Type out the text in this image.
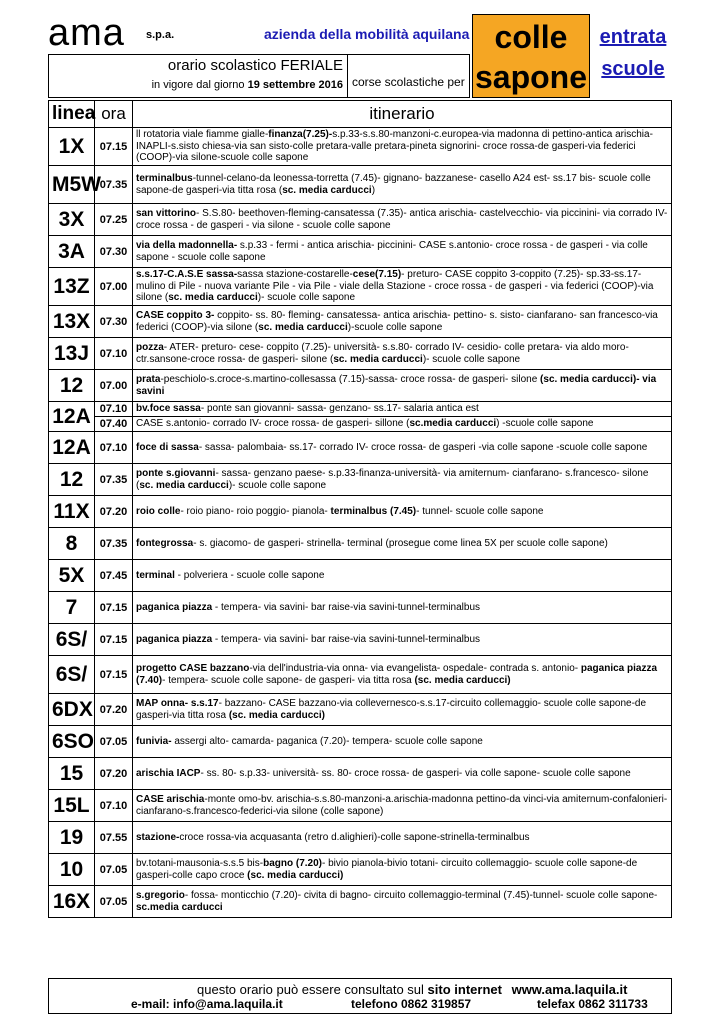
ama s.p.a.	azienda della mobilità aquilana
orario scolastico FERIALE
in vigore dal giorno 19 settembre 2016 corse scolastiche per
colle
sapone
entrata
scuole
linea	ora	itinerario
1X	07.15	ll rotatoria viale fiamme gialle-finanza(7.25)-s.p.33-s.s.80-manzoni-c.europea-via madonna di pettino-antica arischia-INAPLI-s.sisto chiesa-via san sisto-colle pretara-valle pretara-pineta signorini- croce rossa-de gasperi-via federici (COOP)-via silone-scuole colle sapone
M5W	07.35	terminalbus-tunnel-celano-da leonessa-torretta (7.45)- gignano- bazzanese- casello A24 est- ss.17 bis- scuole colle sapone-de gasperi-via titta rosa (sc. media carducci)
3X	07.25	san vittorino- S.S.80- beethoven-fleming-cansatessa (7.35)- antica arischia- castelvecchio- via piccinini- via corrado IV- croce rossa - de gasperi - via silone - scuole colle sapone
3A	07.30	via della madonnella- s.p.33 - fermi - antica arischia- piccinini- CASE s.antonio- croce rossa - de gasperi - via colle sapone - scuole colle sapone
13Z	07.00	s.s.17-C.A.S.E sassa-sassa stazione-costarelle-cese(7.15)- preturo- CASE coppito 3-coppito (7.25)- sp.33-ss.17-mulino di Pile - nuova variante Pile - via Pile - viale della Stazione - croce rossa - de gasperi - via federici (COOP)-via silone (sc. media carducci)- scuole colle sapone
13X	07.30	CASE coppito 3- coppito- ss. 80- fleming- cansatessa- antica arischia- pettino- s. sisto- cianfarano- san francesco-via federici (COOP)-via silone (sc. media carducci)-scuole colle sapone
13J	07.10	pozza- ATER- preturo- cese- coppito (7.25)- università- s.s.80- corrado IV- cesidio- colle pretara- via aldo moro-ctr.sansone-croce rossa- de gasperi- silone (sc. media carducci)- scuole colle sapone
12	07.00	prata-peschiolo-s.croce-s.martino-collesassa (7.15)-sassa- croce rossa- de gasperi- silone (sc. media carducci)- via savini
12A	07.10	bv.foce sassa- ponte san giovanni- sassa- genzano- ss.17- salaria antica est
	07.40	CASE s.antonio- corrado IV- croce rossa- de gasperi- sillone (sc.media carducci) -scuole colle sapone
12A	07.10	foce di sassa- sassa- palombaia- ss.17- corrado IV- croce rossa- de gasperi -via colle sapone -scuole colle sapone
12	07.35	ponte s.giovanni- sassa- genzano paese- s.p.33-finanza-università- via amiternum- cianfarano- s.francesco- silone (sc. media carducci)- scuole colle sapone
11X	07.20	roio colle- roio piano- roio poggio- pianola- terminalbus (7.45)- tunnel- scuole colle sapone
8	07.35	fontegrossa- s. giacomo- de gasperi- strinella- terminal (prosegue come linea 5X per scuole colle sapone)
5X	07.45	terminal - polveriera - scuole colle sapone
7	07.15	paganica piazza - tempera- via savini- bar raise-via savini-tunnel-terminalbus
6S/	07.15	paganica piazza - tempera- via savini- bar raise-via savini-tunnel-terminalbus
6S/	07.15	progetto CASE bazzano-via dell'industria-via onna- via evangelista- ospedale- contrada s. antonio- paganica piazza (7.40)- tempera- scuole colle sapone- de gasperi- via titta rosa (sc. media carducci)
6DX	07.20	MAP onna- s.s.17- bazzano- CASE bazzano-via collevernesco-s.s.17-circuito collemaggio- scuole colle sapone-de gasperi-via titta rosa (sc. media carducci)
6SO	07.05	funivia- assergi alto- camarda- paganica (7.20)- tempera- scuole colle sapone
15	07.20	arischia IACP- ss. 80- s.p.33- università- ss. 80- croce rossa- de gasperi- via colle sapone- scuole colle sapone
15L	07.10	CASE arischia-monte omo-bv. arischia-s.s.80-manzoni-a.arischia-madonna pettino-da vinci-via amiternum-confalonieri-cianfarano-s.francesco-federici-via silone (colle sapone)
19	07.55	stazione-croce rossa-via acquasanta (retro d.alighieri)-colle sapone-strinella-terminalbus
10	07.05	bv.totani-mausonia-s.s.5 bis-bagno (7.20)- bivio pianola-bivio totani- circuito collemaggio- scuole colle sapone-de gasperi-colle capo croce (sc. media carducci)
16X	07.05	s.gregorio- fossa- monticchio (7.20)- civita di bagno- circuito collemaggio-terminal (7.45)-tunnel- scuole colle sapone-sc.media carducci
questo orario può essere consultato sul sito internet www.ama.laquila.it
e-mail: info@ama.laquila.it	telefono 0862 319857	telefax 0862 311733
